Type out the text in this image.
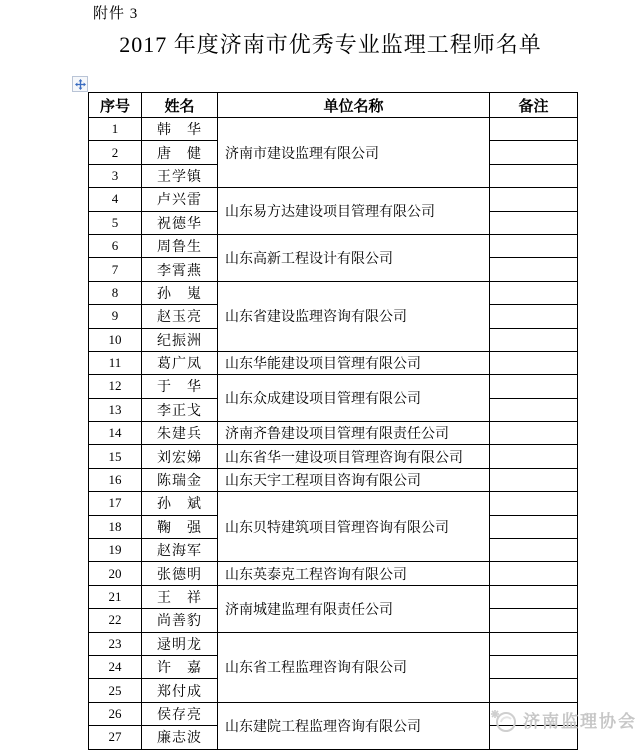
附件 3
2017 年度济南市优秀专业监理工程师名单
序号	姓名	单位名称	备注
1	韩　华	济南市建设监理有限公司	
2	唐　健		
3	王学镇		
4	卢兴雷	山东易方达建设项目管理有限公司	
5	祝德华		
6	周鲁生	山东高新工程设计有限公司	
7	李霄燕		
8	孙　嵬	山东省建设监理咨询有限公司	
9	赵玉亮		
10	纪振洲		
11	葛广凤	山东华能建设项目管理有限公司	
12	于　华	山东众成建设项目管理有限公司	
13	李正戈		
14	朱建兵	济南齐鲁建设项目管理有限责任公司	
15	刘宏娣	山东省华一建设项目管理咨询有限公司	
16	陈瑞金	山东天宇工程项目咨询有限公司	
17	孙　斌	山东贝特建筑项目管理咨询有限公司	
18	鞠　强		
19	赵海军		
20	张德明	山东英泰克工程咨询有限公司	
21	王　祥	济南城建监理有限责任公司	
22	尚善豹		
23	逯明龙	山东省工程监理咨询有限公司	
24	许　嘉		
25	郑付成		
26	侯存亮	山东建院工程监理咨询有限公司	
27	廉志波		
济南监理协会
